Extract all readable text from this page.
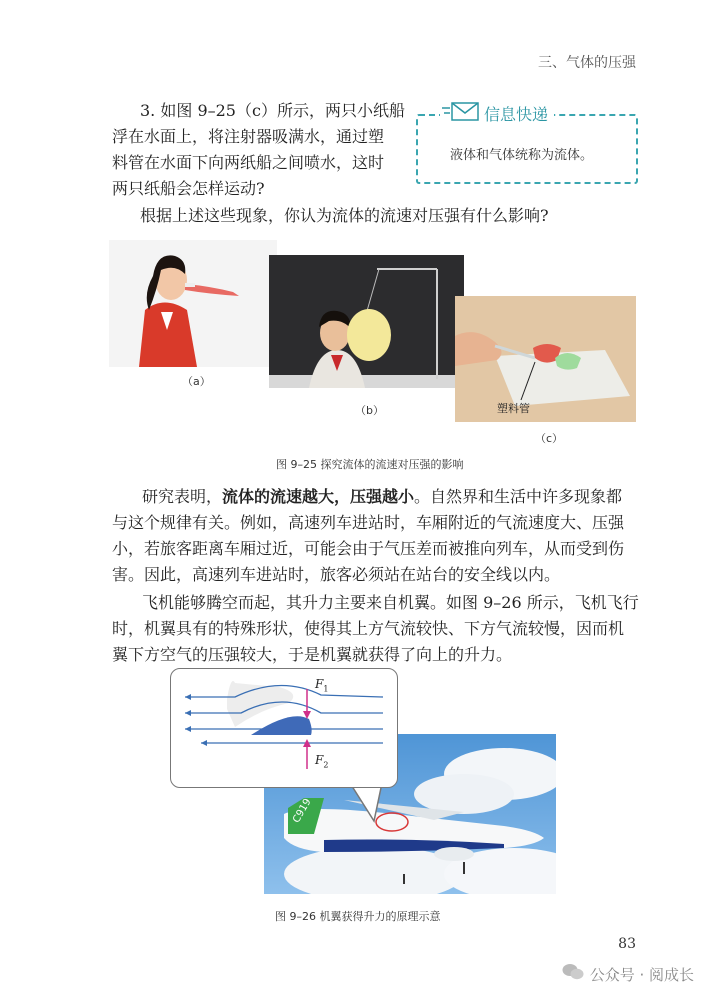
三、气体的压强
3. 如图 9–25（c）所示，两只小纸船
浮在水面上，将注射器吸满水，通过塑
料管在水面下向两纸船之间喷水，这时
两只纸船会怎样运动?
根据上述这些现象，你认为流体的流速对压强有什么影响?
信息快递
液体和气体统称为流体。
（a）
（b）	塑料管
（c）
图 9–25 探究流体的流速对压强的影响
研究表明，流体的流速越大，压强越小。自然界和生活中许多现象都
与这个规律有关。例如，高速列车进站时，车厢附近的气流速度大、压强
小，若旅客距离车厢过近，可能会由于气压差而被推向列车，从而受到伤
害。因此，高速列车进站时，旅客必须站在站台的安全线以内。
飞机能够腾空而起，其升力主要来自机翼。如图 9–26 所示，飞机飞行
时，机翼具有的特殊形状，使得其上方气流较快、下方气流较慢，因而机
翼下方空气的压强较大，于是机翼就获得了向上的升力。
C919
$F_1$
$F_2$
图 9–26 机翼获得升力的原理示意
83
公众号 · 阅成长
